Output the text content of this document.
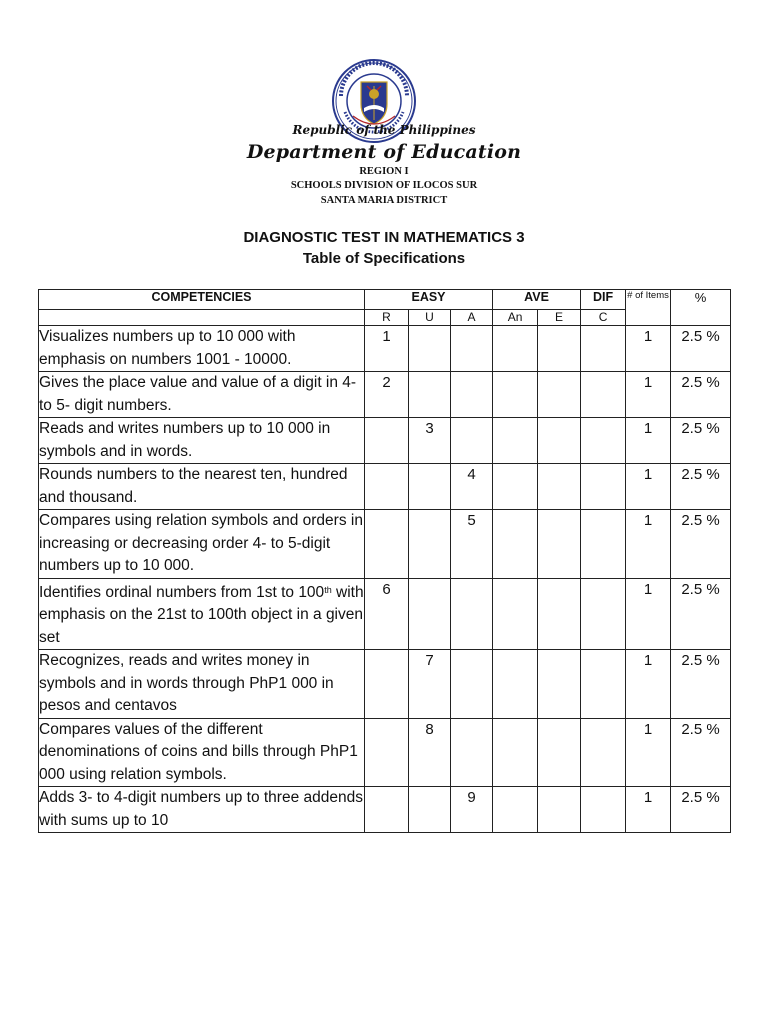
Republic of the Philippines
Department of Education
REGION I
SCHOOLS DIVISION OF ILOCOS SUR
SANTA MARIA DISTRICT
DIAGNOSTIC TEST IN MATHEMATICS 3
Table of Specifications
COMPETENCIES	EASY			AVE		DIF	# of Items	%
	R	U	A	An	E	C		
Visualizes numbers up to 10 000 with emphasis on numbers 1001 - 10000.	1						1	2.5 %
Gives the place value and value of a digit in 4- to 5- digit numbers.	2						1	2.5 %
Reads and writes numbers up to 10 000 in symbols and in words.		3					1	2.5 %
Rounds numbers to the nearest ten, hundred and thousand.			4				1	2.5 %
Compares using relation symbols and orders in increasing or decreasing order 4- to 5-digit numbers up to 10 000.			5				1	2.5 %
Identifies ordinal numbers from 1st to 100th with emphasis on the 21st to 100th object in a given set	6						1	2.5 %
Recognizes, reads and writes money in symbols and in words through PhP1 000 in pesos and centavos		7					1	2.5 %
Compares values of the different denominations of coins and bills through PhP1 000 using relation symbols.		8					1	2.5 %
Adds 3- to 4-digit numbers up to three addends with sums up to 10			9				1	2.5 %
